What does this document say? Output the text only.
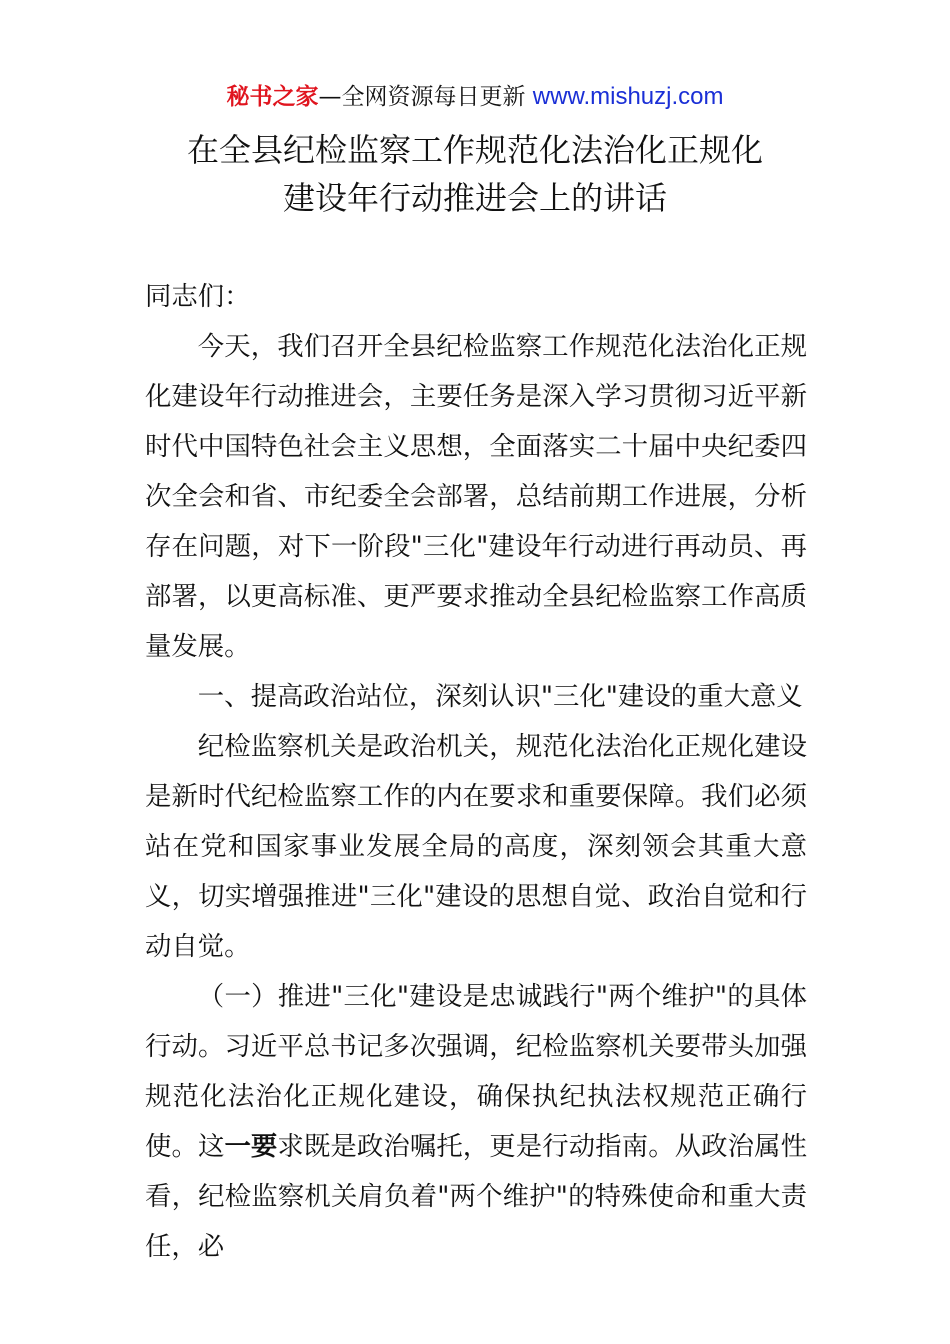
秘书之家—全网资源每日更新 www.mishuzj.com
在全县纪检监察工作规范化法治化正规化
建设年行动推进会上的讲话

同志们：

今天，我们召开全县纪检监察工作规范化法治化正规化建设年行动推进会，主要任务是深入学习贯彻习近平新时代中国特色社会主义思想，全面落实二十届中央纪委四次全会和省、市纪委全会部署，总结前期工作进展，分析存在问题，对下一阶段"三化"建设年行动进行再动员、再部署，以更高标准、更严要求推动全县纪检监察工作高质量发展。

一、提高政治站位，深刻认识"三化"建设的重大意义

纪检监察机关是政治机关，规范化法治化正规化建设是新时代纪检监察工作的内在要求和重要保障。我们必须站在党和国家事业发展全局的高度，深刻领会其重大意义，切实增强推进"三化"建设的思想自觉、政治自觉和行动自觉。

（一）推进"三化"建设是忠诚践行"两个维护"的具体行动。习近平总书记多次强调，纪检监察机关要带头加强规范化法治化正规化建设，确保执纪执法权规范正确行使。这一要求既是政治嘱托，更是行动指南。从政治属性看，纪检监察机关肩负着"两个维护"的特殊使命和重大责任，必
